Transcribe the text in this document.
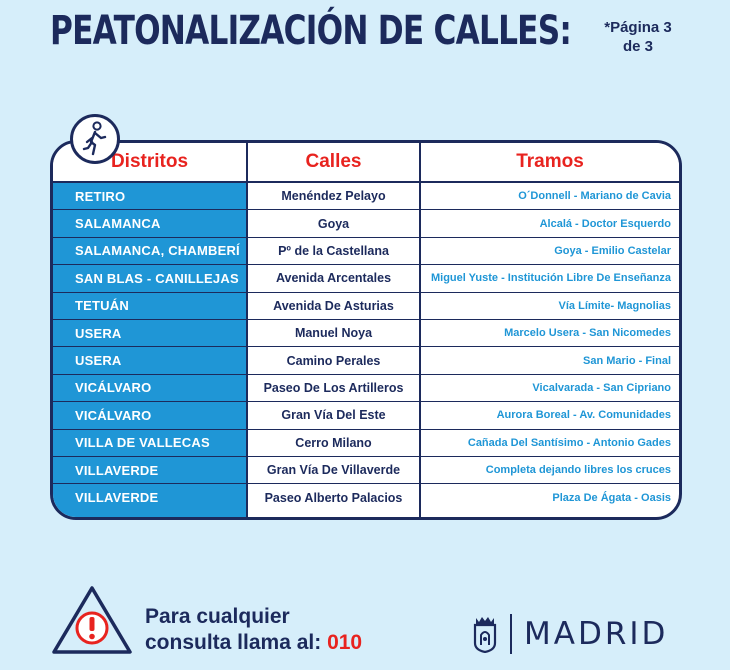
PEATONALIZACIÓN DE CALLES:	*Página 3
de 3
Distritos	Calles	Tramos
RETIRO	Menéndez Pelayo	O´Donnell - Mariano de Cavia
SALAMANCA	Goya	Alcalá - Doctor Esquerdo
SALAMANCA, CHAMBERÍ	Pº de la Castellana	Goya - Emilio Castelar
SAN BLAS - CANILLEJAS	Avenida Arcentales	Miguel Yuste - Institución Libre De Enseñanza
TETUÁN	Avenida De Asturias	Vía Límite- Magnolias
USERA	Manuel Noya	Marcelo Usera - San Nicomedes
USERA	Camino Perales	San Mario - Final
VICÁLVARO	Paseo De Los Artilleros	Vicalvarada - San Cipriano
VICÁLVARO	Gran Vía Del Este	Aurora Boreal - Av. Comunidades
VILLA DE VALLECAS	Cerro Milano	Cañada Del Santísimo - Antonio Gades
VILLAVERDE	Gran Vía De Villaverde	Completa dejando libres los cruces
VILLAVERDE	Paseo Alberto Palacios	Plaza De Ágata - Oasis
Para cualquier
consulta llama al: 010	MADRID
